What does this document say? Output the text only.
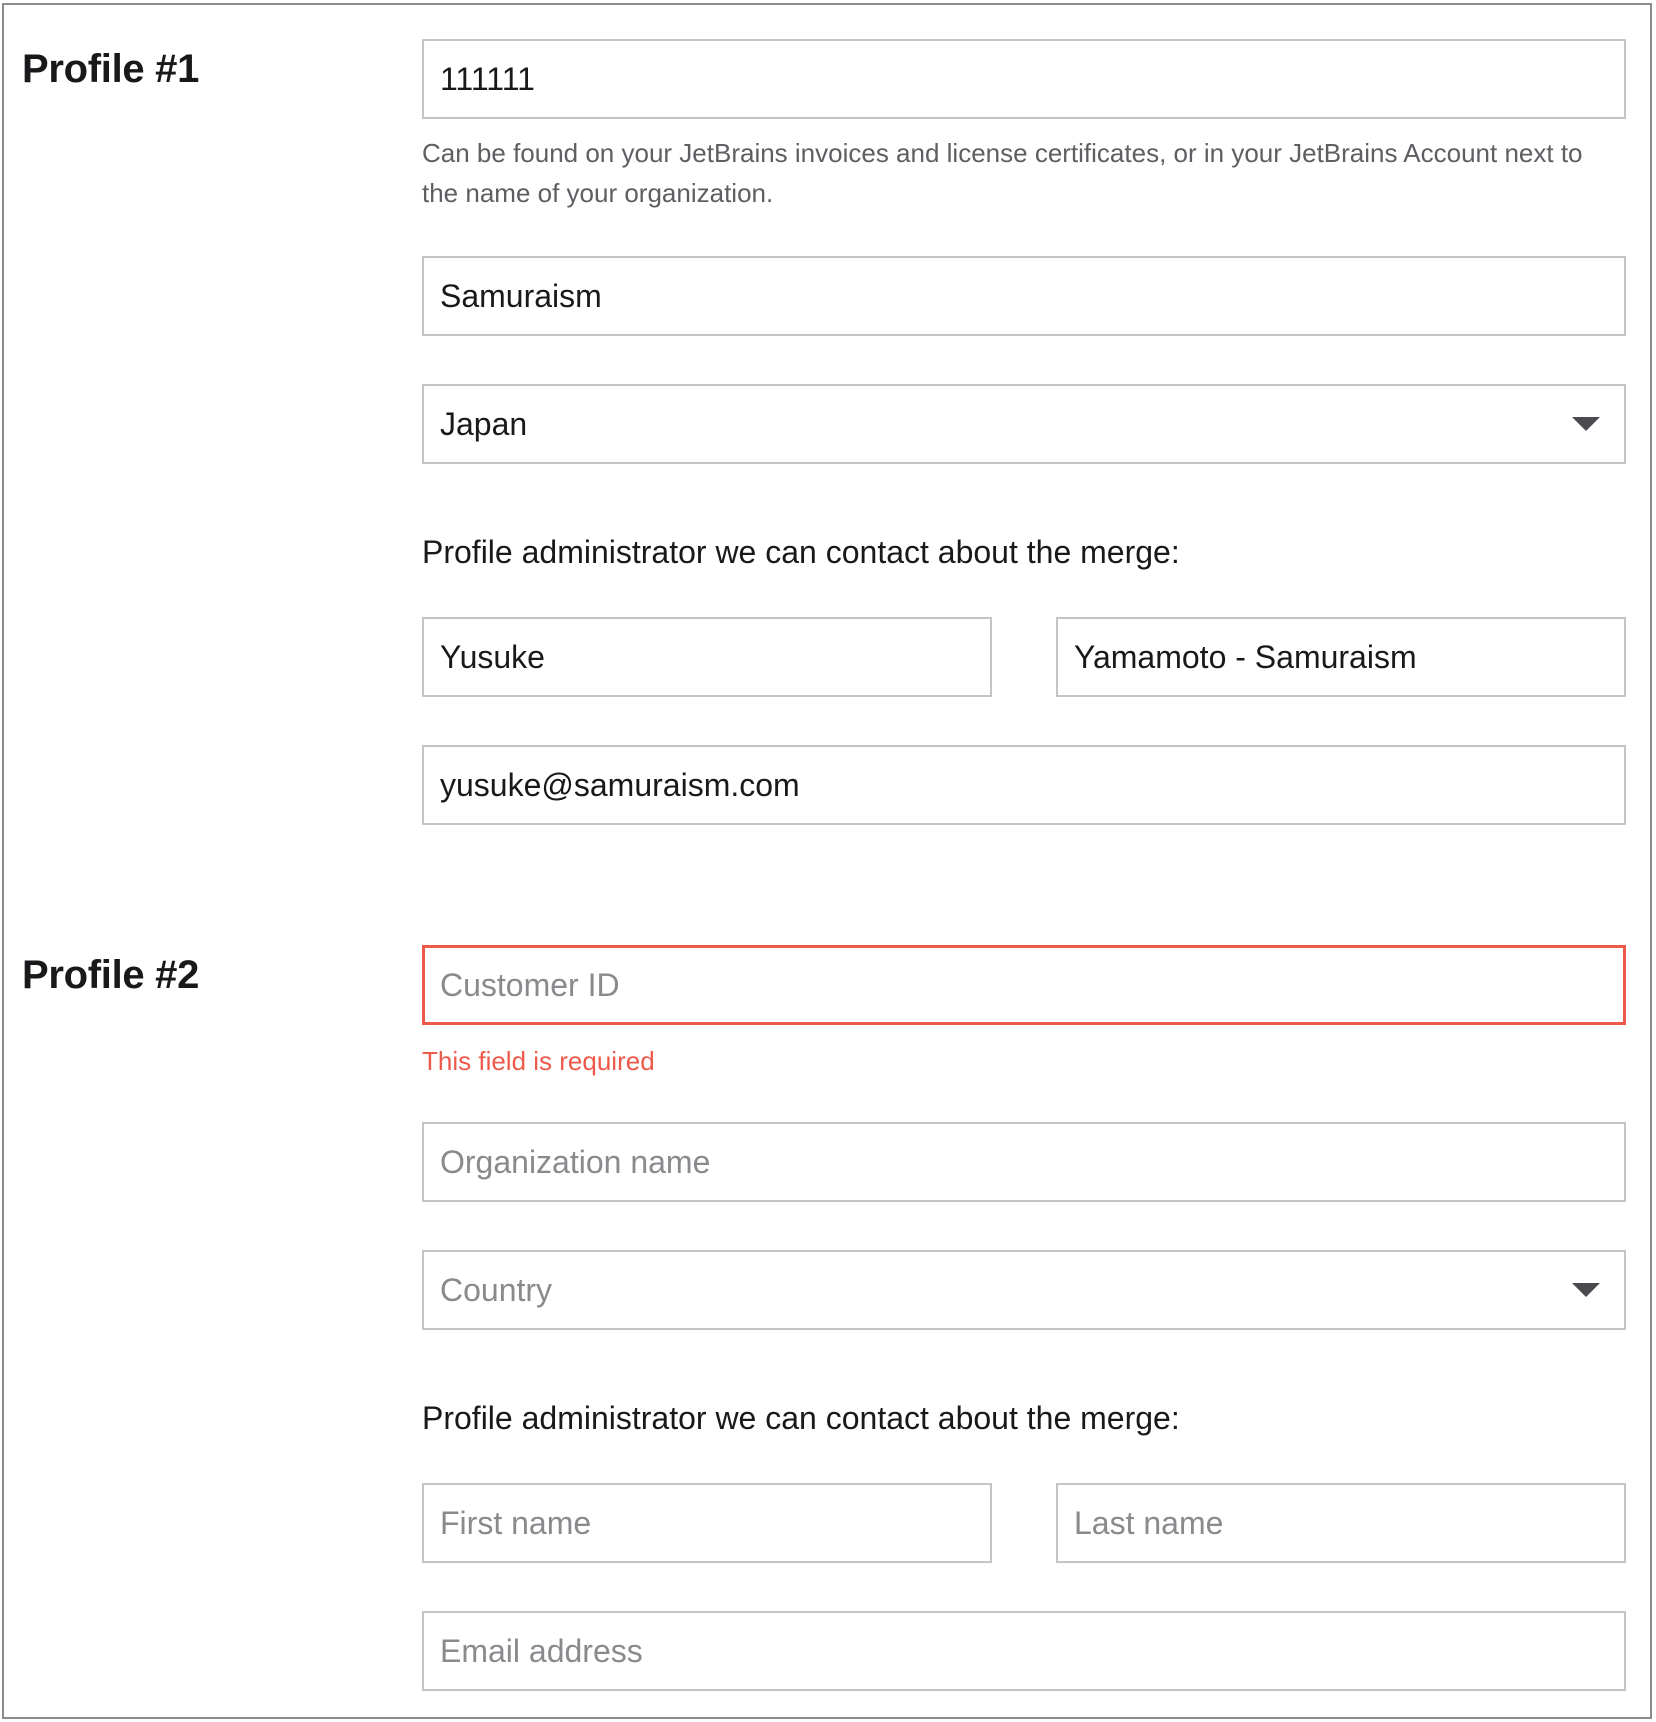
Profile #1
111111

Can be found on your JetBrains invoices and license certificates, or in your JetBrains Account next to the name of your organization.

Samuraism
Japan

Profile administrator we can contact about the merge:

Yusuke
Yamamoto - Samuraism
yusuke@samuraism.com
Profile #2
Customer ID

This field is required

Organization name
Country

Profile administrator we can contact about the merge:

First name
Last name
Email address
